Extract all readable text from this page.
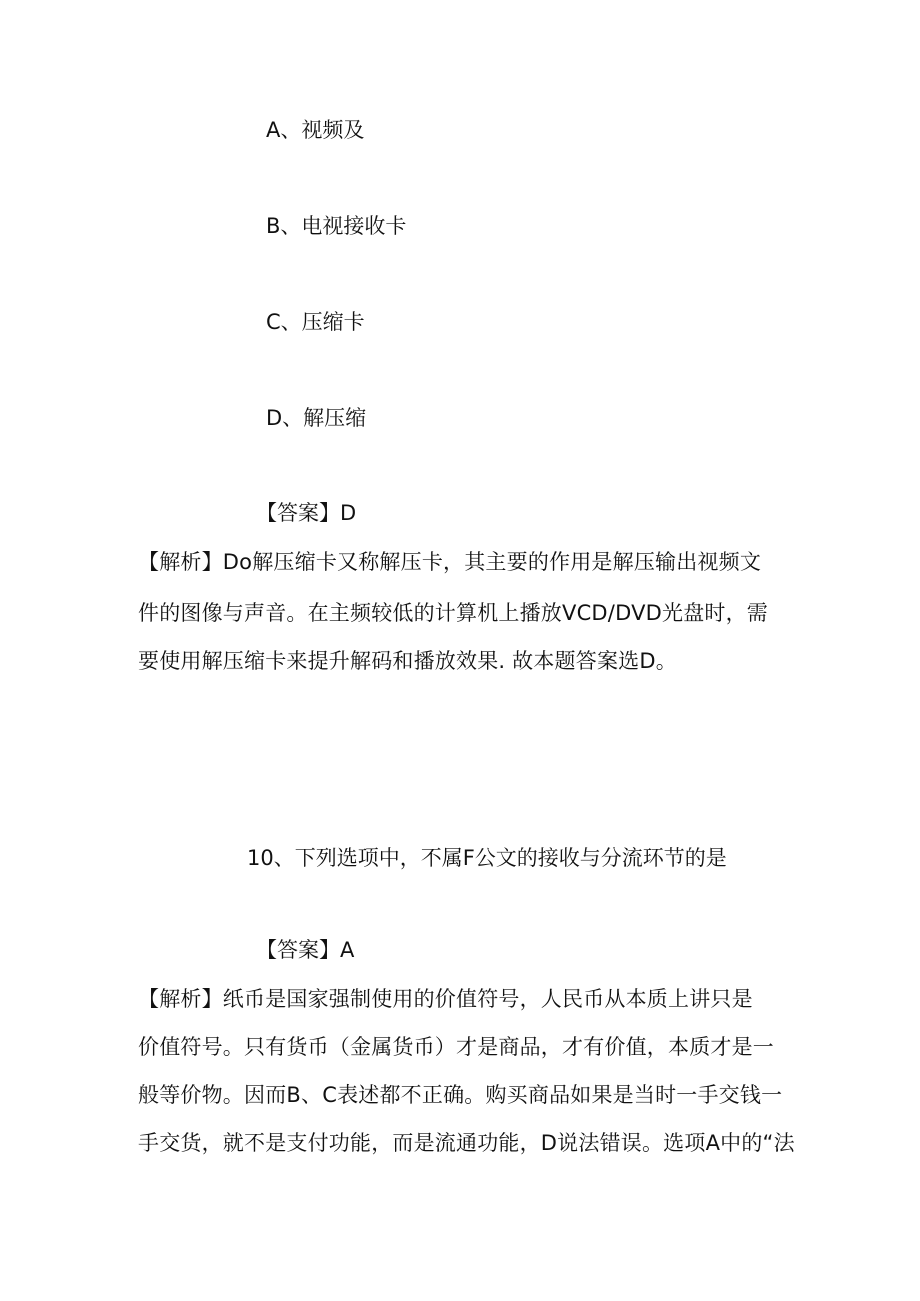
A、视频及
B、电视接收卡
C、压缩卡
D、解压缩
【答案】D
【解析】Do解压缩卡又称解压卡，其主要的作用是解压输出视频文
件的图像与声音。在主频较低的计算机上播放VCD/DVD光盘时，需
要使用解压缩卡来提升解码和播放效果. 故本题答案选D。
10、下列选项中，不属F公文的接收与分流环节的是
【答案】A
【解析】纸币是国家强制使用的价值符号，人民币从本质上讲只是
价值符号。只有货币（金属货币）才是商品，才有价值，本质才是一
般等价物。因而B、C表述都不正确。购买商品如果是当时一手交钱一
手交货，就不是支付功能，而是流通功能，D说法错误。选项A中的“法
